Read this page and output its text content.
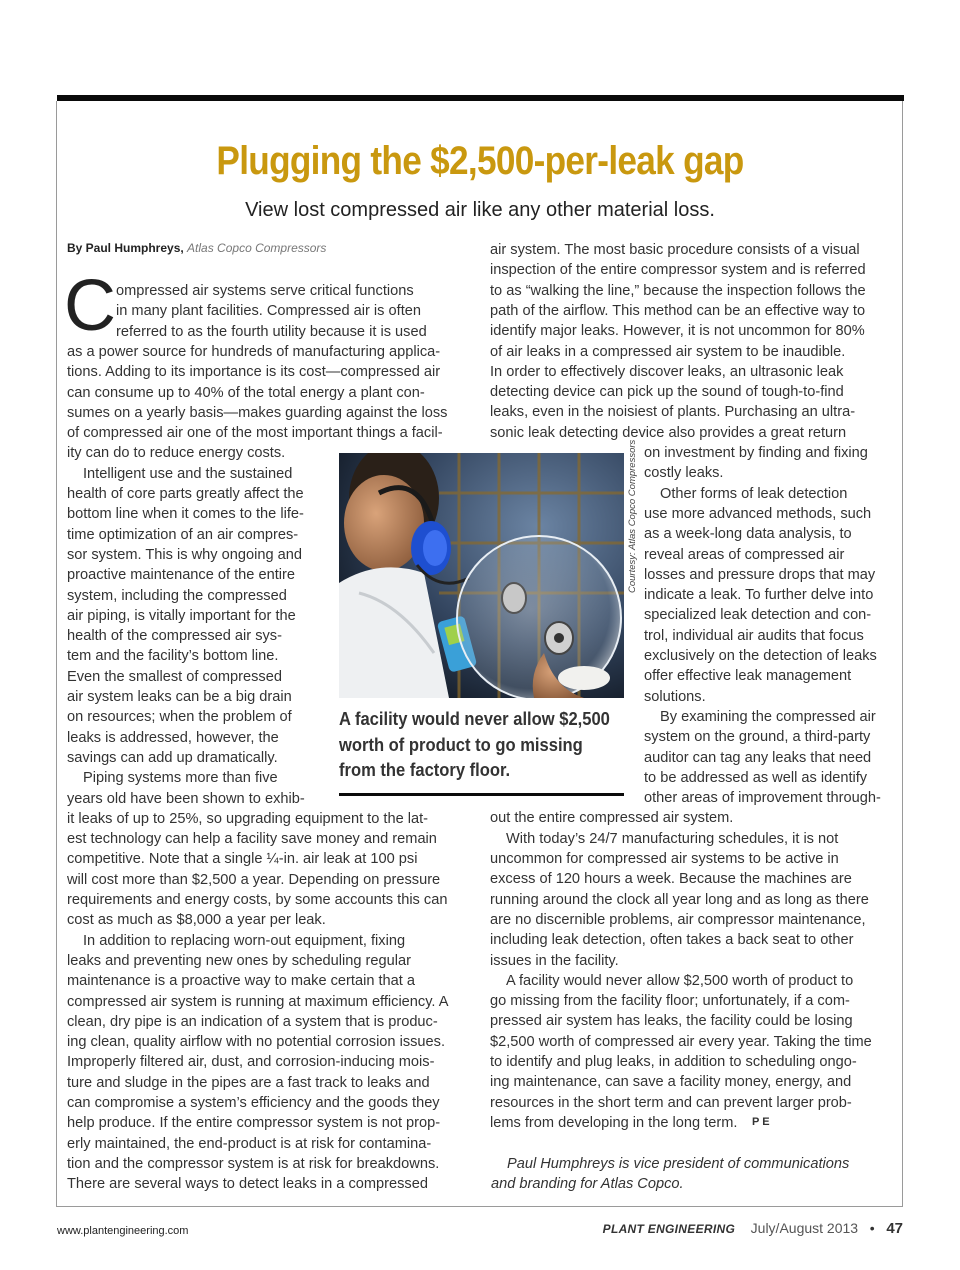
Plugging the $2,500-per-leak gap
View lost compressed air like any other material loss.
By Paul Humphreys, Atlas Copco Compressors
C ompressed air systems serve critical functions
in many plant facilities. Compressed air is often
referred to as the fourth utility because it is used
as a power source for hundreds of manufacturing applica-
tions. Adding to its importance is its cost—compressed air
can consume up to 40% of the total energy a plant con-
sumes on a yearly basis—makes guarding against the loss
of compressed air one of the most important things a facil-
ity can do to reduce energy costs.
Intelligent use and the sustained
health of core parts greatly affect the
bottom line when it comes to the life-
time optimization of an air compres-
sor system. This is why ongoing and
proactive maintenance of the entire
system, including the compressed
air piping, is vitally important for the
health of the compressed air sys-
tem and the facility’s bottom line.
Even the smallest of compressed
air system leaks can be a big drain
on resources; when the problem of
leaks is addressed, however, the
savings can add up dramatically.
Piping systems more than five
years old have been shown to exhib-
it leaks of up to 25%, so upgrading equipment to the lat-
est technology can help a facility save money and remain
competitive. Note that a single ¼-in. air leak at 100 psi
will cost more than $2,500 a year. Depending on pressure
requirements and energy costs, by some accounts this can
cost as much as $8,000 a year per leak.
In addition to replacing worn-out equipment, fixing
leaks and preventing new ones by scheduling regular
maintenance is a proactive way to make certain that a
compressed air system is running at maximum efficiency. A
clean, dry pipe is an indication of a system that is produc-
ing clean, quality airflow with no potential corrosion issues.
Improperly filtered air, dust, and corrosion-inducing mois-
ture and sludge in the pipes are a fast track to leaks and
can compromise a system’s efficiency and the goods they
help produce. If the entire compressor system is not prop-
erly maintained, the end-product is at risk for contamina-
tion and the compressor system is at risk for breakdowns.
There are several ways to detect leaks in a compressed
air system. The most basic procedure consists of a visual
inspection of the entire compressor system and is referred
to as “walking the line,” because the inspection follows the
path of the airflow. This method can be an effective way to
identify major leaks. However, it is not uncommon for 80%
of air leaks in a compressed air system to be inaudible.
In order to effectively discover leaks, an ultrasonic leak
detecting device can pick up the sound of tough-to-find
leaks, even in the noisiest of plants. Purchasing an ultra-
sonic leak detecting device also provides a great return
on investment by finding and fixing
costly leaks.
Other forms of leak detection
use more advanced methods, such
as a week-long data analysis, to
reveal areas of compressed air
losses and pressure drops that may
indicate a leak. To further delve into
specialized leak detection and con-
trol, individual air audits that focus
exclusively on the detection of leaks
offer effective leak management
solutions.
By examining the compressed air
system on the ground, a third-party
auditor can tag any leaks that need
to be addressed as well as identify
other areas of improvement through-
out the entire compressed air system.
With today’s 24/7 manufacturing schedules, it is not
uncommon for compressed air systems to be active in
excess of 120 hours a week. Because the machines are
running around the clock all year long and as long as there
are no discernible problems, air compressor maintenance,
including leak detection, often takes a back seat to other
issues in the facility.
A facility would never allow $2,500 worth of product to
go missing from the facility floor; unfortunately, if a com-
pressed air system has leaks, the facility could be losing
$2,500 worth of compressed air every year. Taking the time
to identify and plug leaks, in addition to scheduling ongo-
ing maintenance, can save a facility money, energy, and
resources in the short term and can prevent larger prob-
lems from developing in the long term. P E
Courtesy: Atlas Copco Compressors
A facility would never allow $2,500
worth of product to go missing
from the factory floor.
Paul Humphreys is vice president of communications
and branding for Atlas Copco.
www.plantengineering.com	PLANT ENGINEERING July/August 2013 • 47
